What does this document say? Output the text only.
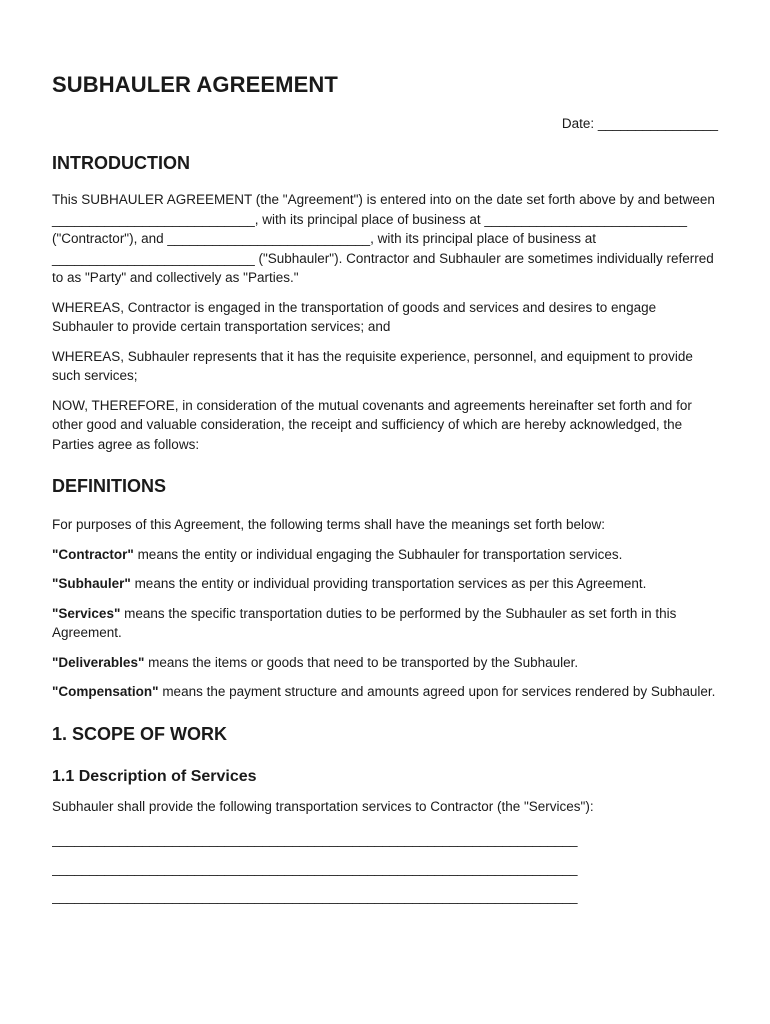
SUBHAULER AGREEMENT
Date: ________________
INTRODUCTION

This SUBHAULER AGREEMENT (the "Agreement") is entered into on the date set forth above by and between ___________________________, with its principal place of business at ___________________________ ("Contractor"), and ___________________________, with its principal place of business at ___________________________ ("Subhauler"). Contractor and Subhauler are sometimes individually referred to as "Party" and collectively as "Parties."

WHEREAS, Contractor is engaged in the transportation of goods and services and desires to engage Subhauler to provide certain transportation services; and

WHEREAS, Subhauler represents that it has the requisite experience, personnel, and equipment to provide such services;

NOW, THEREFORE, in consideration of the mutual covenants and agreements hereinafter set forth and for other good and valuable consideration, the receipt and sufficiency of which are hereby acknowledged, the Parties agree as follows:

DEFINITIONS

For purposes of this Agreement, the following terms shall have the meanings set forth below:

"Contractor" means the entity or individual engaging the Subhauler for transportation services.

"Subhauler" means the entity or individual providing transportation services as per this Agreement.

"Services" means the specific transportation duties to be performed by the Subhauler as set forth in this Agreement.

"Deliverables" means the items or goods that need to be transported by the Subhauler.

"Compensation" means the payment structure and amounts agreed upon for services rendered by Subhauler.

1. SCOPE OF WORK
1.1 Description of Services

Subhauler shall provide the following transportation services to Contractor (the "Services"):

______________________________________________________________________
______________________________________________________________________
______________________________________________________________________
